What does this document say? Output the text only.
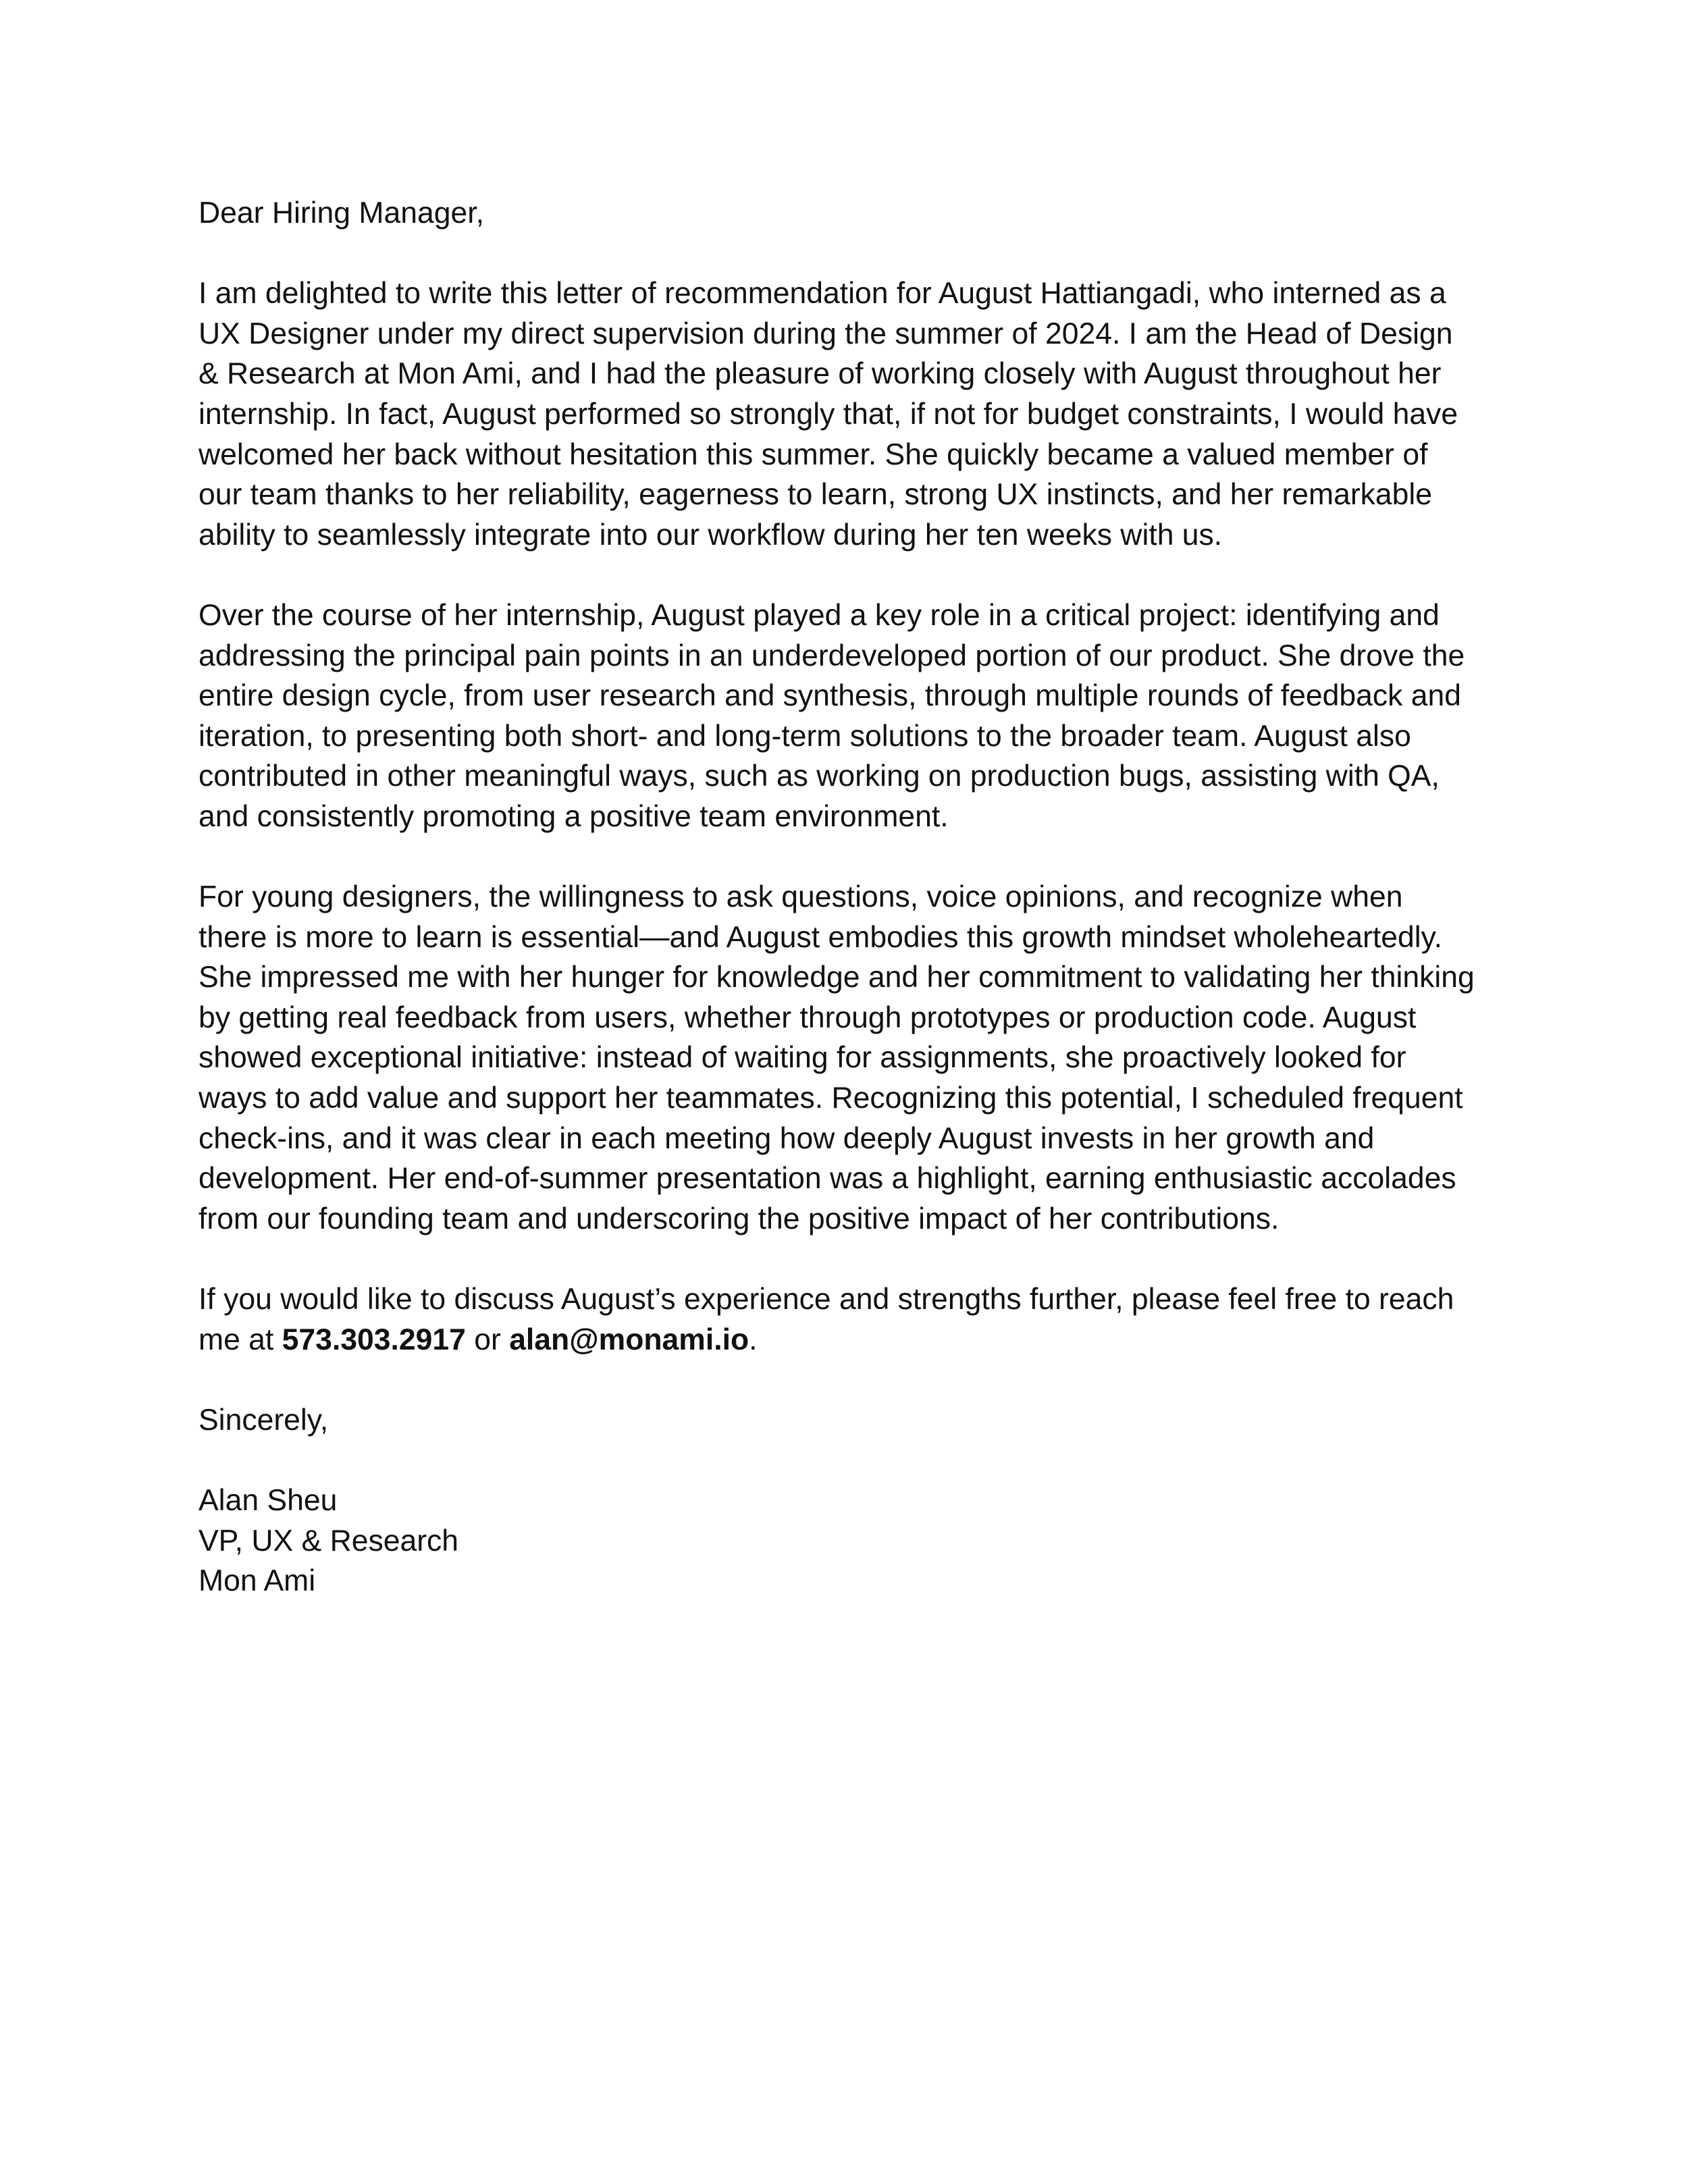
Dear Hiring Manager,
I am delighted to write this letter of recommendation for August Hattiangadi, who interned as a
UX Designer under my direct supervision during the summer of 2024. I am the Head of Design
& Research at Mon Ami, and I had the pleasure of working closely with August throughout her
internship. In fact, August performed so strongly that, if not for budget constraints, I would have
welcomed her back without hesitation this summer. She quickly became a valued member of
our team thanks to her reliability, eagerness to learn, strong UX instincts, and her remarkable
ability to seamlessly integrate into our workflow during her ten weeks with us.
Over the course of her internship, August played a key role in a critical project: identifying and
addressing the principal pain points in an underdeveloped portion of our product. She drove the
entire design cycle, from user research and synthesis, through multiple rounds of feedback and
iteration, to presenting both short- and long-term solutions to the broader team. August also
contributed in other meaningful ways, such as working on production bugs, assisting with QA,
and consistently promoting a positive team environment.
For young designers, the willingness to ask questions, voice opinions, and recognize when
there is more to learn is essential—and August embodies this growth mindset wholeheartedly.
She impressed me with her hunger for knowledge and her commitment to validating her thinking
by getting real feedback from users, whether through prototypes or production code. August
showed exceptional initiative: instead of waiting for assignments, she proactively looked for
ways to add value and support her teammates. Recognizing this potential, I scheduled frequent
check-ins, and it was clear in each meeting how deeply August invests in her growth and
development. Her end-of-summer presentation was a highlight, earning enthusiastic accolades
from our founding team and underscoring the positive impact of her contributions.
If you would like to discuss August’s experience and strengths further, please feel free to reach
me at 573.303.2917 or alan@monami.io.
Sincerely,
Alan Sheu
VP, UX & Research
Mon Ami
